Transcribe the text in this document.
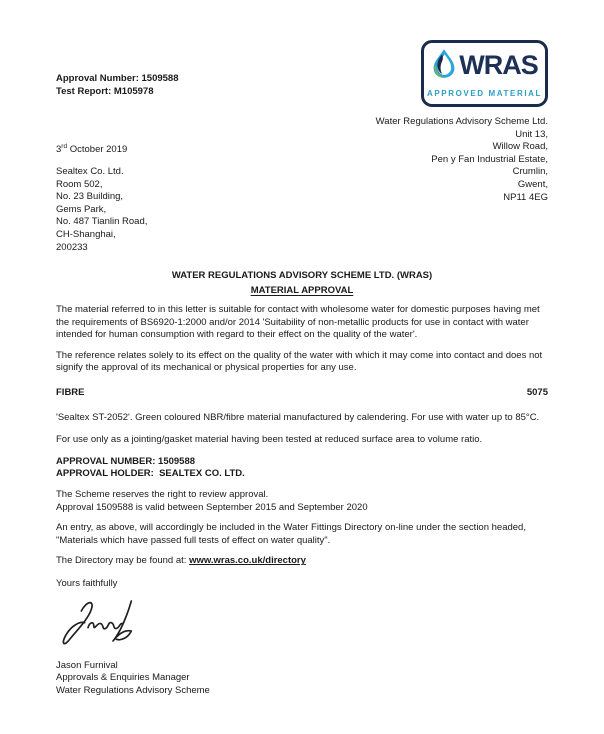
Approval Number: 1509588
Test Report: M105978
WRAS
APPROVED MATERIAL
Water Regulations Advisory Scheme Ltd.
Unit 13,
Willow Road,
Pen y Fan Industrial Estate,
Crumlin,
Gwent,
NP11 4EG
3rd October 2019
Sealtex Co. Ltd.
Room 502,
No. 23 Building,
Gems Park,
No. 487 Tianlin Road,
CH-Shanghai,
200233
WATER REGULATIONS ADVISORY SCHEME LTD. (WRAS)
MATERIAL APPROVAL
The material referred to in this letter is suitable for contact with wholesome water for domestic purposes having met the requirements of BS6920-1:2000 and/or 2014 'Suitability of non-metallic products for use in contact with water intended for human consumption with regard to their effect on the quality of the water'.
The reference relates solely to its effect on the quality of the water with which it may come into contact and does not signify the approval of its mechanical or physical properties for any use.
FIBRE	5075
'Sealtex ST-2052'. Green coloured NBR/fibre material manufactured by calendering. For use with water up to 85°C.
For use only as a jointing/gasket material having been tested at reduced surface area to volume ratio.
APPROVAL NUMBER: 1509588
APPROVAL HOLDER:  SEALTEX CO. LTD.
The Scheme reserves the right to review approval.
Approval 1509588 is valid between September 2015 and September 2020
An entry, as above, will accordingly be included in the Water Fittings Directory on-line under the section headed, "Materials which have passed full tests of effect on water quality".
The Directory may be found at: www.wras.co.uk/directory
Yours faithfully
Jason Furnival
Approvals & Enquiries Manager
Water Regulations Advisory Scheme
